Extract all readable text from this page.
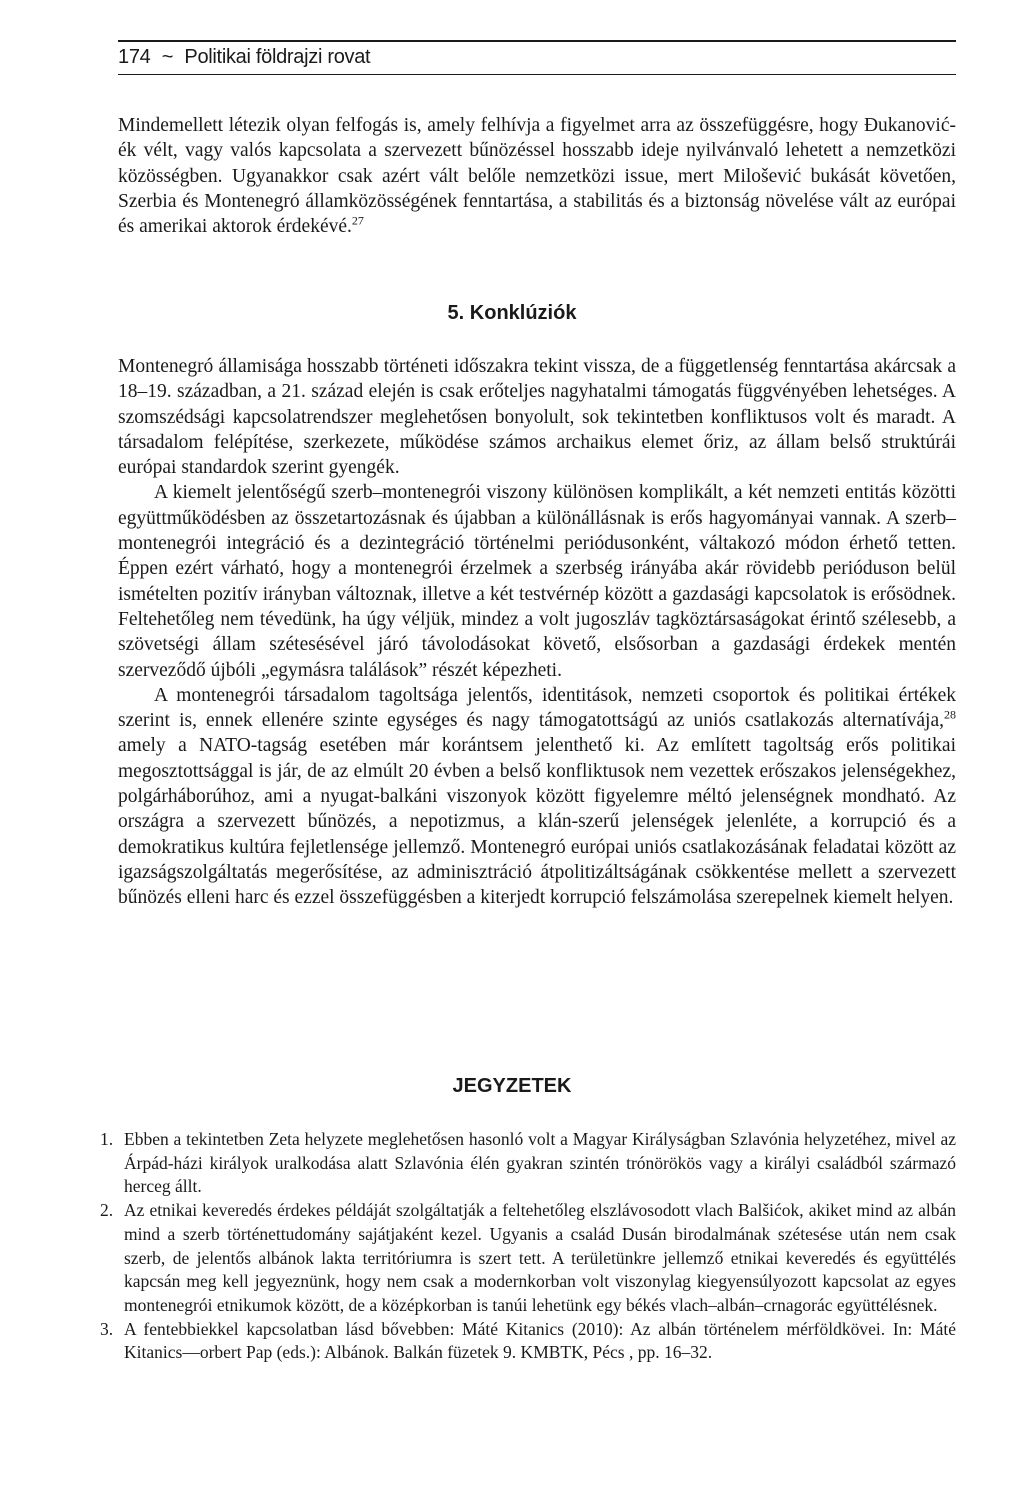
174 ~ Politikai földrajzi rovat

Mindemellett létezik olyan felfogás is, amely felhívja a figyelmet arra az összefüggésre, hogy Đukanović-ék vélt, vagy valós kapcsolata a szervezett bűnözéssel hosszabb ideje nyilvánvaló lehetett a nemzetközi közösségben. Ugyanakkor csak azért vált belőle nemzetközi issue, mert Milošević bukását követően, Szerbia és Montenegró államközösségének fenntartása, a stabilitás és a biztonság növelése vált az európai és amerikai aktorok érdekévé.$^{27}$

5. Konklúziók

Montenegró államisága hosszabb történeti időszakra tekint vissza, de a függetlenség fenntartása akárcsak a 18–19. században, a 21. század elején is csak erőteljes nagyhatalmi támogatás függvényében lehetséges. A szomszédsági kapcsolatrendszer meglehetősen bonyolult, sok tekintetben konfliktusos volt és maradt. A társadalom felépítése, szerkezete, működése számos archaikus elemet őriz, az állam belső struktúrái európai standardok szerint gyengék.

A kiemelt jelentőségű szerb–montenegrói viszony különösen komplikált, a két nemzeti entitás közötti együttműködésben az összetartozásnak és újabban a különállásnak is erős hagyományai vannak. A szerb–montenegrói integráció és a dezintegráció történelmi periódusonként, váltakozó módon érhető tetten. Éppen ezért várható, hogy a montenegrói érzelmek a szerbség irányába akár rövidebb perióduson belül ismételten pozitív irányban változnak, illetve a két testvérnép között a gazdasági kapcsolatok is erősödnek. Feltehetőleg nem tévedünk, ha úgy véljük, mindez a volt jugoszláv tagköztársaságokat érintő szélesebb, a szövetségi állam szétesésével járó távolodásokat követő, elsősorban a gazdasági érdekek mentén szerveződő újbóli „egymásra találások” részét képezheti.

A montenegrói társadalom tagoltsága jelentős, identitások, nemzeti csoportok és politikai értékek szerint is, ennek ellenére szinte egységes és nagy támogatottságú az uniós csatlakozás alternatívája,$^{28}$ amely a NATO-tagság esetében már korántsem jelenthető ki. Az említett tagoltság erős politikai megosztottsággal is jár, de az elmúlt 20 évben a belső konfliktusok nem vezettek erőszakos jelenségekhez, polgárháborúhoz, ami a nyugat-balkáni viszonyok között figyelemre méltó jelenségnek mondható. Az országra a szervezett bűnözés, a nepotizmus, a klán-szerű jelenségek jelenléte, a korrupció és a demokratikus kultúra fejletlensége jellemző. Montenegró európai uniós csatlakozásának feladatai között az igazságszolgáltatás megerősítése, az adminisztráció átpolitizáltságának csökkentése mellett a szervezett bűnözés elleni harc és ezzel összefüggésben a kiterjedt korrupció felszámolása szerepelnek kiemelt helyen.

JEGYZETEK
1. Ebben a tekintetben Zeta helyzete meglehetősen hasonló volt a Magyar Királyságban Szlavónia helyzetéhez, mivel az Árpád-házi királyok uralkodása alatt Szlavónia élén gyakran szintén trónörökös vagy a királyi családból származó herceg állt.
2. Az etnikai keveredés érdekes példáját szolgáltatják a feltehetőleg elszlávosodott vlach Balšićok, akiket mind az albán mind a szerb történettudomány sajátjaként kezel. Ugyanis a család Dusán birodalmának szétesése után nem csak szerb, de jelentős albánok lakta territóriumra is szert tett. A területünkre jellemző etnikai keveredés és együttélés kapcsán meg kell jegyeznünk, hogy nem csak a modernkorban volt viszonylag kiegyensúlyozott kapcsolat az egyes montenegrói etnikumok között, de a középkorban is tanúi lehetünk egy békés vlach–albán–crnagorác együttélésnek.
3. A fentebbiekkel kapcsolatban lásd bővebben: Máté Kitanics (2010): Az albán történelem mérföldkövei. In: Máté Kitanics—orbert Pap (eds.): Albánok. Balkán füzetek 9. KMBTK, Pécs , pp. 16–32.
